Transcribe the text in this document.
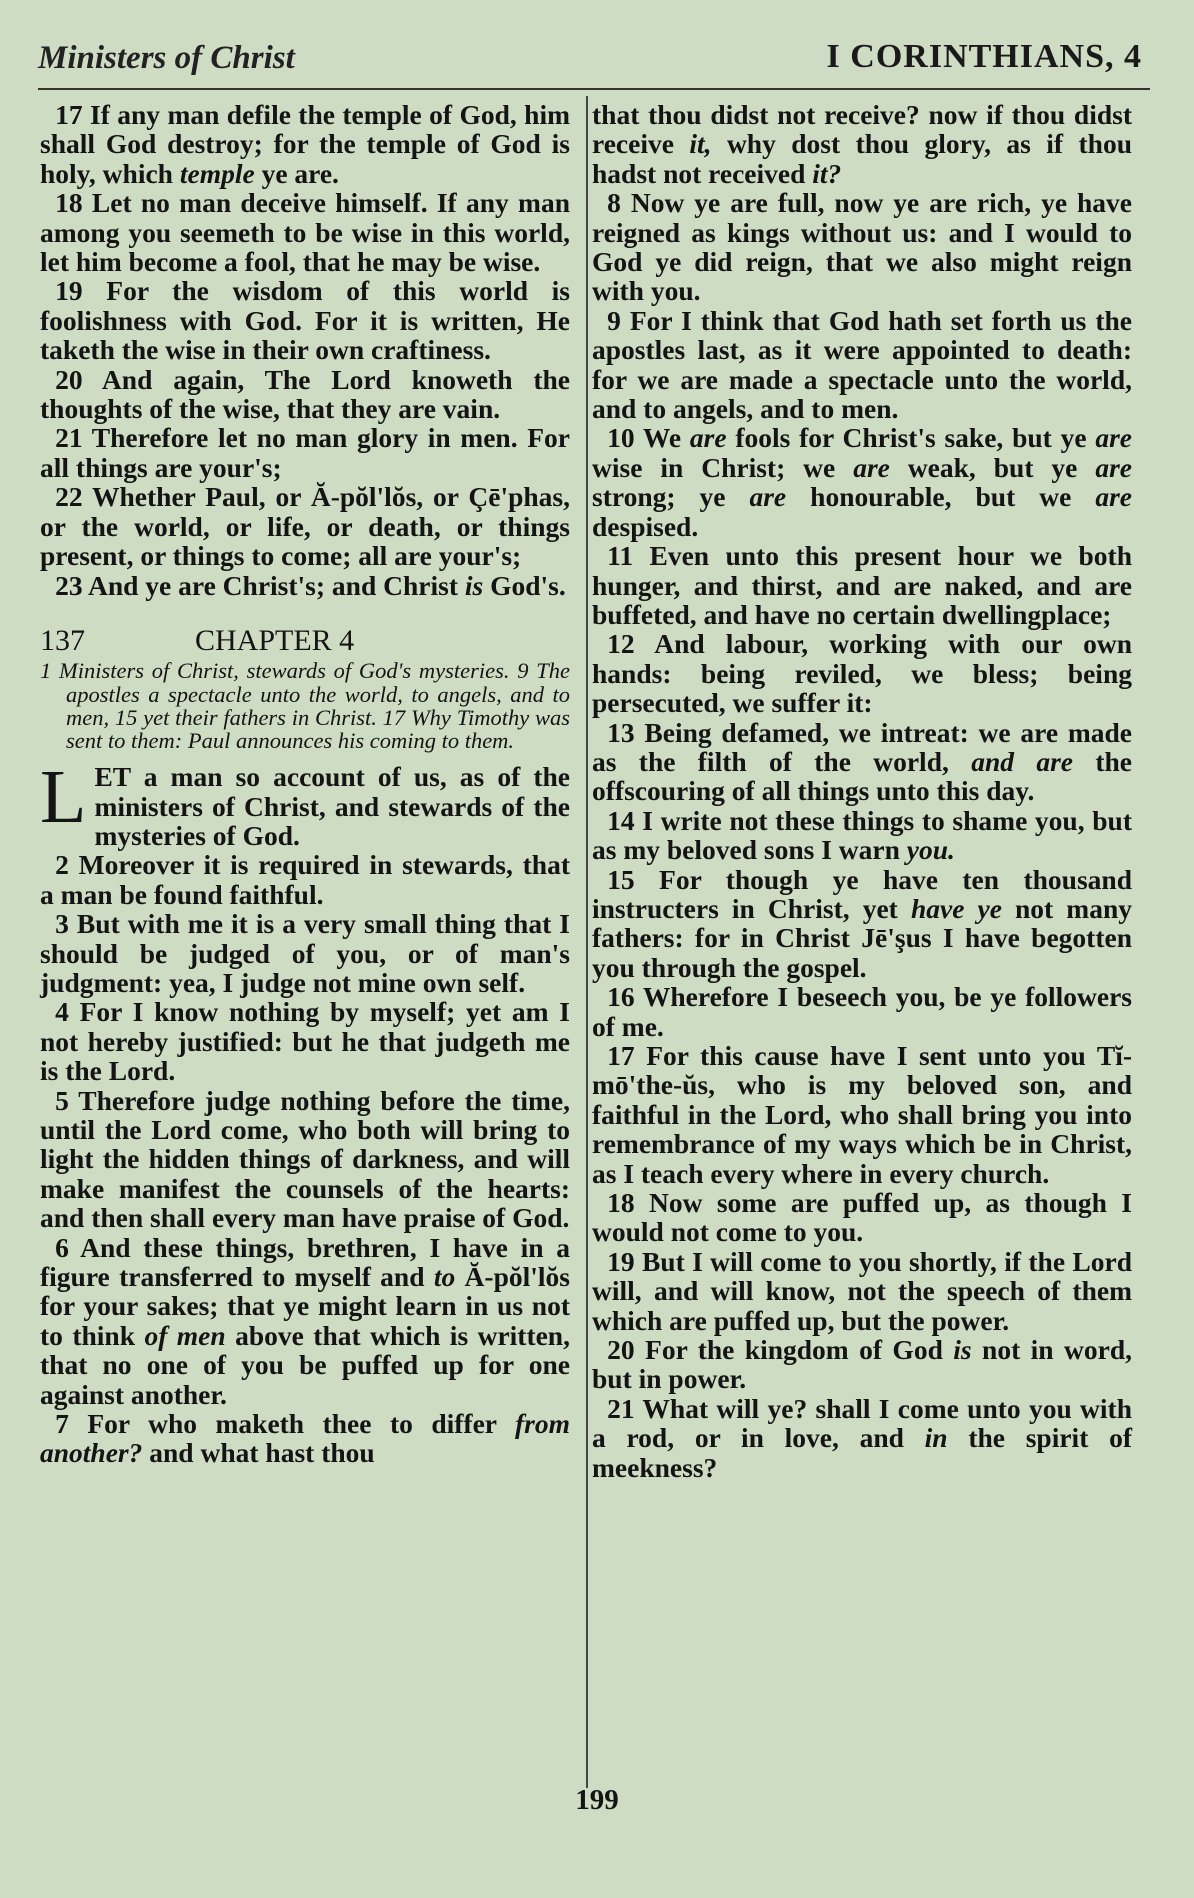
Ministers of Christ	I CORINTHIANS, 4

17 If any man defile the temple of God, him shall God destroy; for the temple of God is holy, which temple ye are.

18 Let no man deceive himself. If any man among you seemeth to be wise in this world, let him become a fool, that he may be wise.

19 For the wisdom of this world is foolishness with God. For it is written, He taketh the wise in their own craftiness.

20 And again, The Lord knoweth the thoughts of the wise, that they are vain.

21 Therefore let no man glory in men. For all things are your's;

22 Whether Paul, or Ă-pŏl'lŏs, or Çē'phas, or the world, or life, or death, or things present, or things to come; all are your's;

23 And ye are Christ's; and Christ is God's.

137	CHAPTER 4
1 Ministers of Christ, stewards of God's mysteries. 9 The apostles a spectacle unto the world, to angels, and to men, 15 yet their fathers in Christ. 17 Why Timothy was sent to them: Paul announces his coming to them.

LET a man so account of us, as of the ministers of Christ, and stewards of the mysteries of God.

2 Moreover it is required in stewards, that a man be found faithful.

3 But with me it is a very small thing that I should be judged of you, or of man's judgment: yea, I judge not mine own self.

4 For I know nothing by myself; yet am I not hereby justified: but he that judgeth me is the Lord.

5 Therefore judge nothing before the time, until the Lord come, who both will bring to light the hidden things of darkness, and will make manifest the counsels of the hearts: and then shall every man have praise of God.

6 And these things, brethren, I have in a figure transferred to myself and to Ă-pŏl'lŏs for your sakes; that ye might learn in us not to think of men above that which is written, that no one of you be puffed up for one against another.

7 For who maketh thee to differ from another? and what hast thou

that thou didst not receive? now if thou didst receive it, why dost thou glory, as if thou hadst not received it?

8 Now ye are full, now ye are rich, ye have reigned as kings without us: and I would to God ye did reign, that we also might reign with you.

9 For I think that God hath set forth us the apostles last, as it were appointed to death: for we are made a spectacle unto the world, and to angels, and to men.

10 We are fools for Christ's sake, but ye are wise in Christ; we are weak, but ye are strong; ye are honourable, but we are despised.

11 Even unto this present hour we both hunger, and thirst, and are naked, and are buffeted, and have no certain dwellingplace;

12 And labour, working with our own hands: being reviled, we bless; being persecuted, we suffer it:

13 Being defamed, we intreat: we are made as the filth of the world, and are the offscouring of all things unto this day.

14 I write not these things to shame you, but as my beloved sons I warn you.

15 For though ye have ten thousand instructers in Christ, yet have ye not many fathers: for in Christ Jē'şus I have begotten you through the gospel.

16 Wherefore I beseech you, be ye followers of me.

17 For this cause have I sent unto you Tĭ-mō'the-ŭs, who is my beloved son, and faithful in the Lord, who shall bring you into remembrance of my ways which be in Christ, as I teach every where in every church.

18 Now some are puffed up, as though I would not come to you.

19 But I will come to you shortly, if the Lord will, and will know, not the speech of them which are puffed up, but the power.

20 For the kingdom of God is not in word, but in power.

21 What will ye? shall I come unto you with a rod, or in love, and in the spirit of meekness?

199
